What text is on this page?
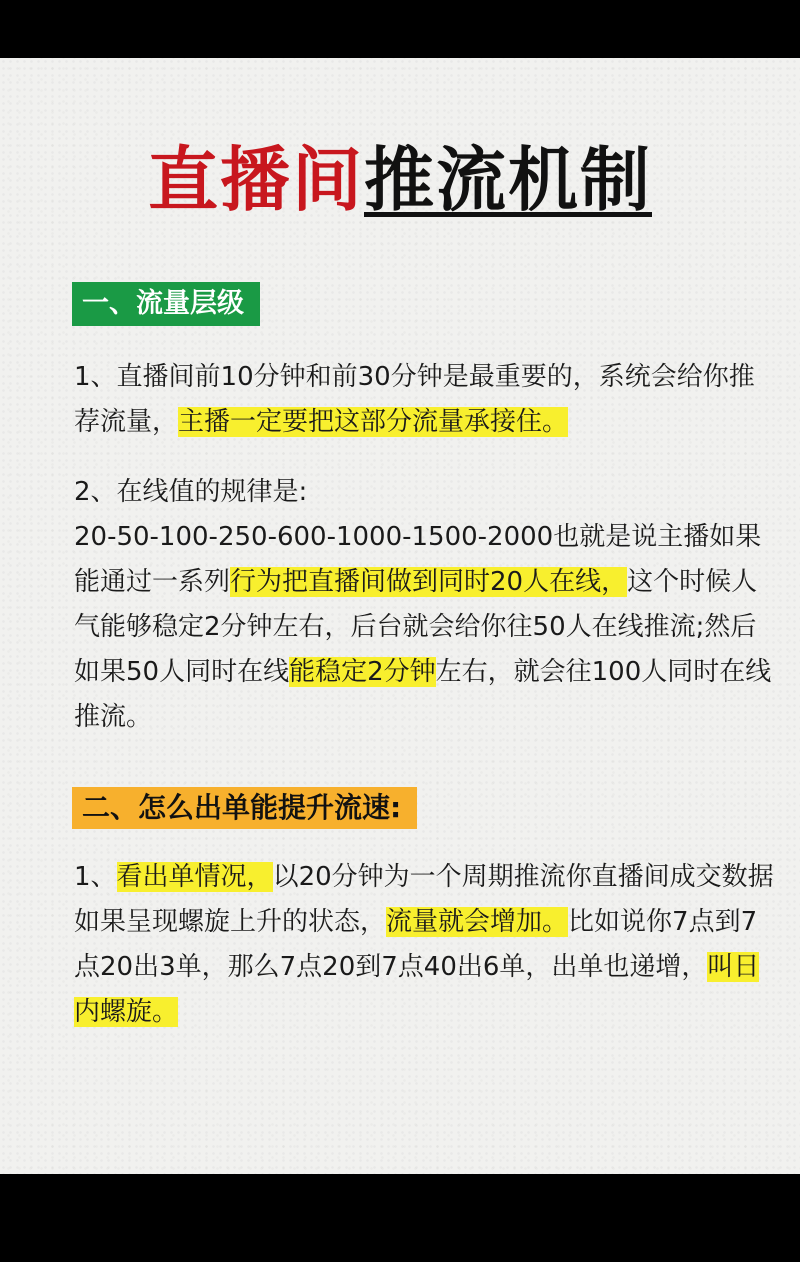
直播间推流机制
一、流量层级

1、直播间前10分钟和前30分钟是最重要的，系统会给你推荐流量，主播一定要把这部分流量承接住。

2、在线值的规律是:
20-50-100-250-600-1000-1500-2000也就是说主播如果能通过一系列行为把直播间做到同时20人在线，这个时候人气能够稳定2分钟左右，后台就会给你往50人在线推流;然后如果50人同时在线能稳定2分钟左右，就会往100人同时在线推流。

二、怎么出单能提升流速:

1、看出单情况，以20分钟为一个周期推流你直播间成交数据如果呈现螺旋上升的状态，流量就会增加。比如说你7点到7点20出3单，那么7点20到7点40出6单，出单也递增，叫日内螺旋。
